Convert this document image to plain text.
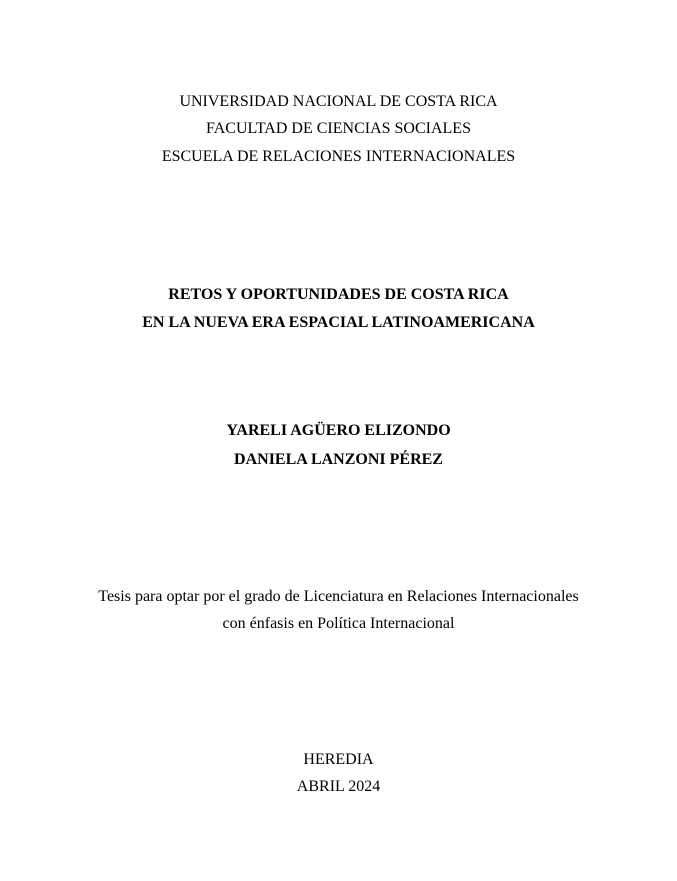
UNIVERSIDAD NACIONAL DE COSTA RICA
FACULTAD DE CIENCIAS SOCIALES
ESCUELA DE RELACIONES INTERNACIONALES
RETOS Y OPORTUNIDADES DE COSTA RICA
EN LA NUEVA ERA ESPACIAL LATINOAMERICANA
YARELI AGÜERO ELIZONDO
DANIELA LANZONI PÉREZ
Tesis para optar por el grado de Licenciatura en Relaciones Internacionales
con énfasis en Política Internacional
HEREDIA
ABRIL 2024
